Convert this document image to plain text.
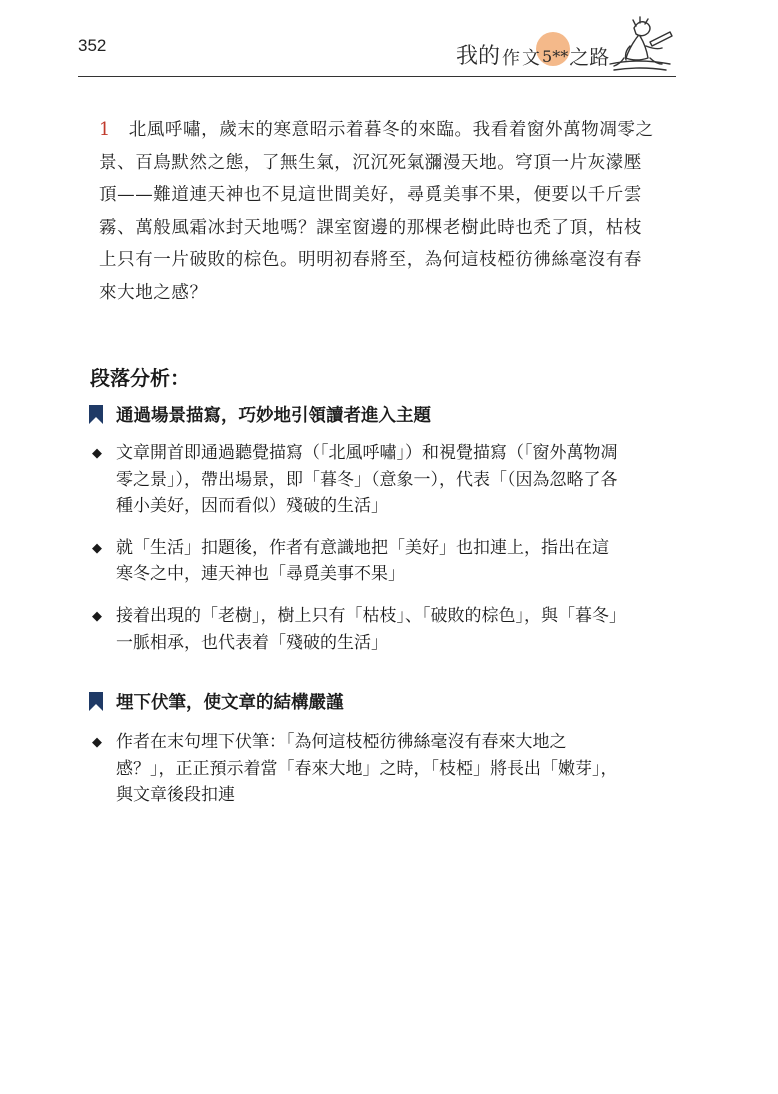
352	我的 作 文 5** 之路

1 北風呼嘯，歲末的寒意昭示着暮冬的來臨。我看着窗外萬物凋零之景、百鳥默然之態，了無生氣，沉沉死氣瀰漫天地。穹頂一片灰濛壓頂——難道連天神也不見這世間美好，尋覓美事不果，便要以千斤雲霧、萬般風霜冰封天地嗎？課室窗邊的那棵老樹此時也禿了頂，枯枝上只有一片破敗的棕色。明明初春將至，為何這枝椏彷彿絲毫沒有春來大地之感？

段落分析：
通過場景描寫，巧妙地引領讀者進入主題
◆ 文章開首即通過聽覺描寫（「北風呼嘯」）和視覺描寫（「窗外萬物凋零之景」），帶出場景，即「暮冬」（意象一），代表「（因為忽略了各種小美好，因而看似）殘破的生活」
◆ 就「生活」扣題後，作者有意識地把「美好」也扣連上，指出在這寒冬之中，連天神也「尋覓美事不果」
◆ 接着出現的「老樹」，樹上只有「枯枝」、「破敗的棕色」，與「暮冬」一脈相承，也代表着「殘破的生活」
埋下伏筆，使文章的結構嚴謹
◆ 作者在末句埋下伏筆：「為何這枝椏彷彿絲毫沒有春來大地之感？」，正正預示着當「春來大地」之時，「枝椏」將長出「嫩芽」，與文章後段扣連
